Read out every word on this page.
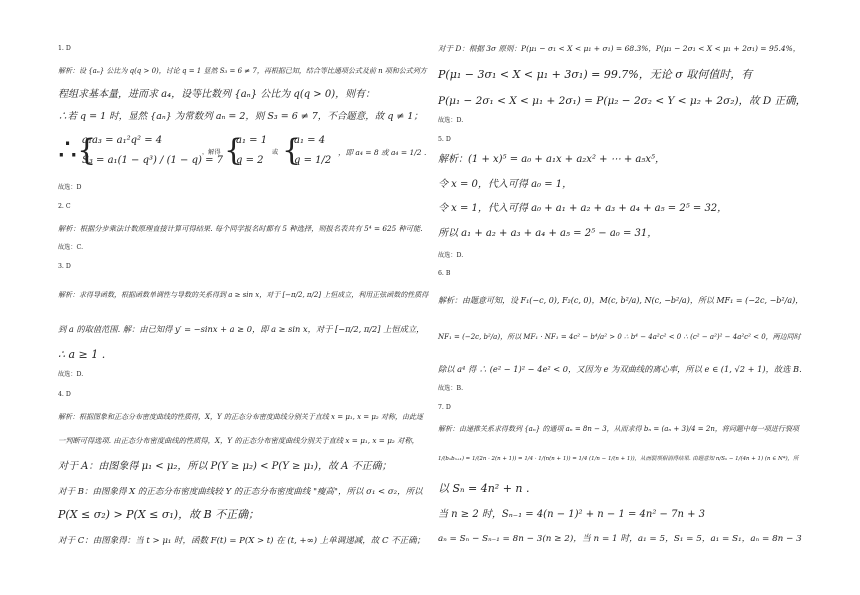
1. D
解析：设 {aₙ} 公比为 q(q > 0)，讨论 q = 1 显然 S₃ = 6 ≠ 7，再根据已知，结合等比通项公式及前 n 项和公式列方
程组求基本量，进而求 a₄，设等比数列 {aₙ} 公比为 q(q > 0)，则有：
∴若 q = 1 时，显然 {aₙ} 为常数列 aₙ = 2，则 S₃ = 6 ≠ 7，不合题意，故 q ≠ 1；
∴{
a₁a₃ = a₁²q² = 4
S₃ = a₁(1 − q³) / (1 − q) = 7
，解得 {
a₁ = 1
q = 2
或 {
a₁ = 4
q = 1/2
，即 a₄ = 8 或 a₄ = 1/2 .
故选：D
2. C
解析：根据分步乘法计数原理直接计算可得结果. 每个同学报名时都有 5 种选择，则报名表共有 5⁴ = 625 种可能.
故选：C.
3. D
解析：求得导函数，根据函数单调性与导数的关系得到 a ≥ sin x，对于 [−π/2, π/2] 上恒成立，利用正弦函数的性质得
到 a 的取值范围. 解：由已知得 y′ = −sinx + a ≥ 0，即 a ≥ sin x，对于 [−π/2, π/2] 上恒成立，
∴ a ≥ 1 .
故选：D.
4. D
解析：根据图象和正态分布密度曲线的性质得，X，Y 的正态分布密度曲线分别关于直线 x = μ₁, x = μ₂ 对称，由此逐
一判断可得选项. 由正态分布密度曲线的性质得，X，Y 的正态分布密度曲线分别关于直线 x = μ₁, x = μ₂ 对称，
对于 A：由图象得 μ₁ < μ₂，所以 P(Y ≥ μ₂) < P(Y ≥ μ₁)，故 A 不正确；
对于 B：由图象得 X 的正态分布密度曲线较 Y 的正态分布密度曲线 "瘦高"，所以 σ₁ < σ₂，所以
P(X ≤ σ₂) > P(X ≤ σ₁)，故 B 不正确；
对于 C：由图象得：当 t > μ₁ 时，函数 F(t) = P(X > t) 在 (t, +∞) 上单调递减，故 C 不正确；
对于 D：根据 3σ 原则：P(μ₁ − σ₁ < X < μ₁ + σ₁) = 68.3%，P(μ₁ − 2σ₁ < X < μ₁ + 2σ₁) = 95.4%，
P(μ₁ − 3σ₁ < X < μ₁ + 3σ₁) = 99.7%，无论 σ 取何值时，有
P(μ₁ − 2σ₁ < X < μ₁ + 2σ₁) = P(μ₂ − 2σ₂ < Y < μ₂ + 2σ₂)，故 D 正确，
故选：D.
5. D
解析：(1 + x)⁵ = a₀ + a₁x + a₂x² + ⋯ + a₅x⁵，
令 x = 0，代入可得 a₀ = 1，
令 x = 1，代入可得 a₀ + a₁ + a₂ + a₃ + a₄ + a₅ = 2⁵ = 32，
所以 a₁ + a₂ + a₃ + a₄ + a₅ = 2⁵ − a₀ = 31，
故选：D.
6. B
解析：由题意可知，设 F₁(−c, 0), F₂(c, 0)，M(c, b²/a), N(c, −b²/a)，所以 MF₁ = (−2c, −b²/a)，
NF₁ = (−2c, b²/a)，所以 MF₁ · NF₁ = 4c² − b⁴/a² > 0 ∴ b⁴ − 4a²c² < 0 ∴ (c² − a²)² − 4a²c² < 0，两边同时
除以 a⁴ 得 ∴ (e² − 1)² − 4e² < 0，又因为 e 为双曲线的离心率，所以 e ∈ (1, √2 + 1)，故选 B.
故选：B.
7. D
解析：由递推关系求得数列 {aₙ} 的通项 aₙ = 8n − 3，从而求得 bₙ = (aₙ + 3)/4 = 2n，将问题中每一项进行裂项
1/(bₙbₙ₊₁) = 1/(2n · 2(n + 1)) = 1/4 · 1/(n(n + 1)) = 1/4 (1/n − 1/(n + 1))，从而裂项相消得结果. 由题意知 n/Sₙ − 1/(4n + 1) (n ∈ N*)，所
以 Sₙ = 4n² + n .
当 n ≥ 2 时，Sₙ₋₁ = 4(n − 1)² + n − 1 = 4n² − 7n + 3
aₙ = Sₙ − Sₙ₋₁ = 8n − 3(n ≥ 2)，当 n = 1 时，a₁ = 5，S₁ = 5，a₁ = S₁，aₙ = 8n − 3
